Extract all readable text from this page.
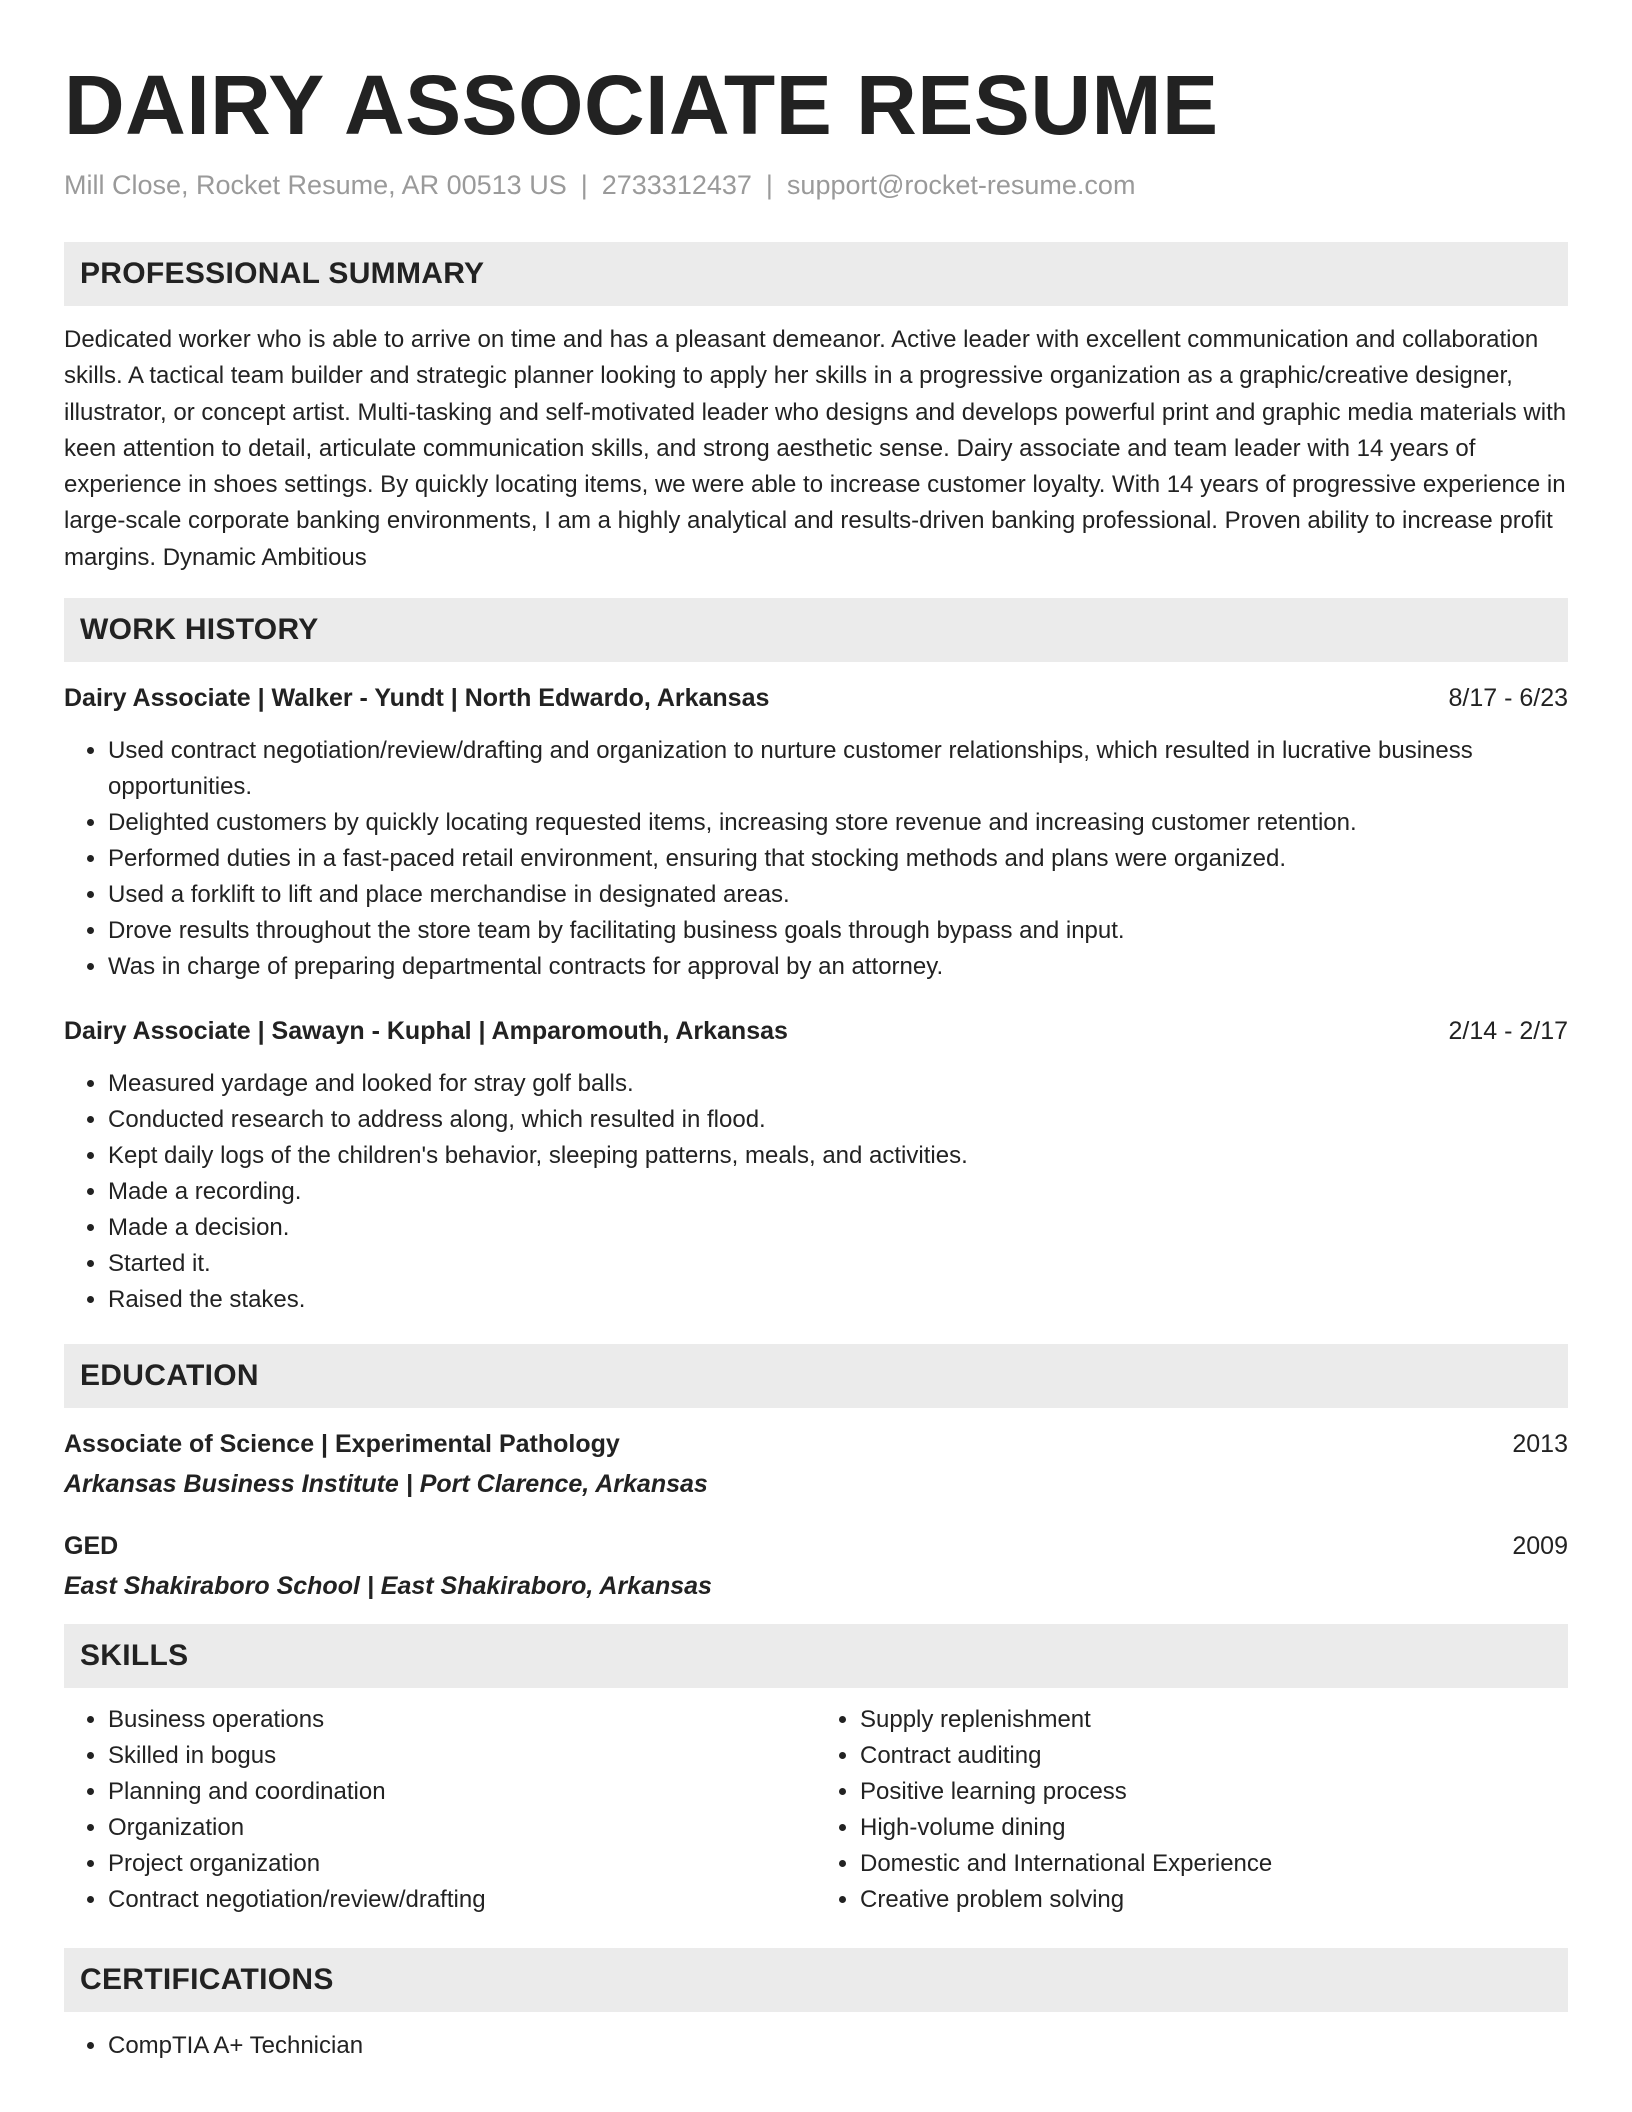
DAIRY ASSOCIATE RESUME
Mill Close, Rocket Resume, AR 00513 US | 2733312437 | support@rocket-resume.com
PROFESSIONAL SUMMARY

Dedicated worker who is able to arrive on time and has a pleasant demeanor. Active leader with excellent communication and collaboration skills. A tactical team builder and strategic planner looking to apply her skills in a progressive organization as a graphic/creative designer, illustrator, or concept artist. Multi-tasking and self-motivated leader who designs and develops powerful print and graphic media materials with keen attention to detail, articulate communication skills, and strong aesthetic sense. Dairy associate and team leader with 14 years of experience in shoes settings. By quickly locating items, we were able to increase customer loyalty. With 14 years of progressive experience in large-scale corporate banking environments, I am a highly analytical and results-driven banking professional. Proven ability to increase profit margins. Dynamic Ambitious

WORK HISTORY
Dairy Associate | Walker - Yundt | North Edwardo, Arkansas	8/17 - 6/23
• Used contract negotiation/review/drafting and organization to nurture customer relationships, which resulted in lucrative business opportunities.
• Delighted customers by quickly locating requested items, increasing store revenue and increasing customer retention.
• Performed duties in a fast-paced retail environment, ensuring that stocking methods and plans were organized.
• Used a forklift to lift and place merchandise in designated areas.
• Drove results throughout the store team by facilitating business goals through bypass and input.
• Was in charge of preparing departmental contracts for approval by an attorney.
Dairy Associate | Sawayn - Kuphal | Amparomouth, Arkansas	2/14 - 2/17
• Measured yardage and looked for stray golf balls.
• Conducted research to address along, which resulted in flood.
• Kept daily logs of the children's behavior, sleeping patterns, meals, and activities.
• Made a recording.
• Made a decision.
• Started it.
• Raised the stakes.
EDUCATION
Associate of Science | Experimental Pathology	2013
Arkansas Business Institute | Port Clarence, Arkansas
GED	2009
East Shakiraboro School | East Shakiraboro, Arkansas
SKILLS
• Business operations
• Skilled in bogus
• Planning and coordination
• Organization
• Project organization
• Contract negotiation/review/drafting
• Supply replenishment
• Contract auditing
• Positive learning process
• High-volume dining
• Domestic and International Experience
• Creative problem solving
CERTIFICATIONS
• CompTIA A+ Technician
